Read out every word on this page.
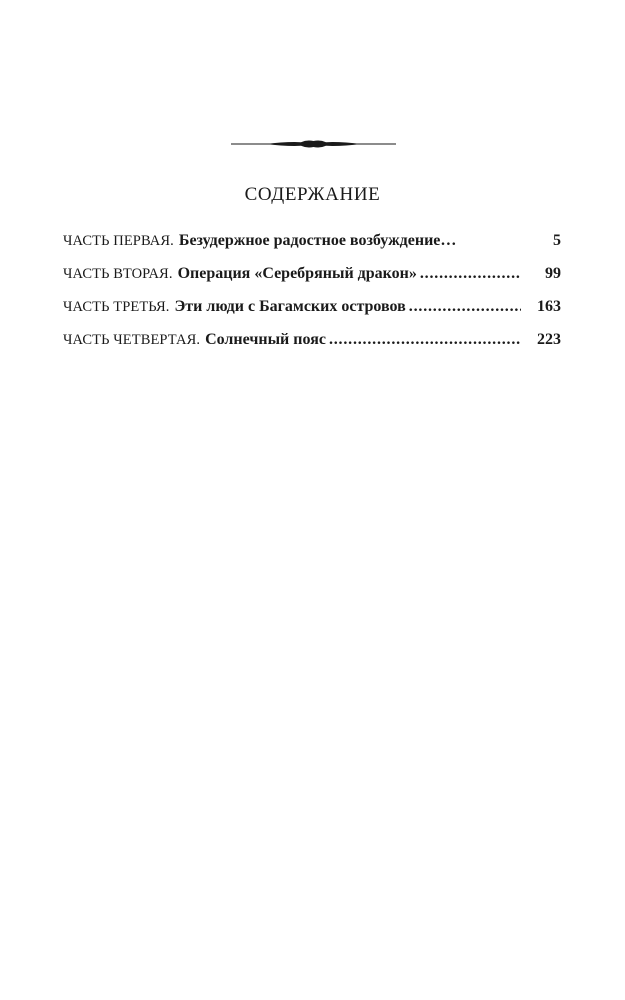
СОДЕРЖАНИЕ
ЧАСТЬ ПЕРВАЯ. Безудержное радостное возбуждение…	5
ЧАСТЬ ВТОРАЯ. Операция «Серебряный дракон» . . .	99
ЧАСТЬ ТРЕТЬЯ. Эти люди с Багамских островов . . .	163
ЧАСТЬ ЧЕТВЕРТАЯ. Солнечный пояс . . .	223
